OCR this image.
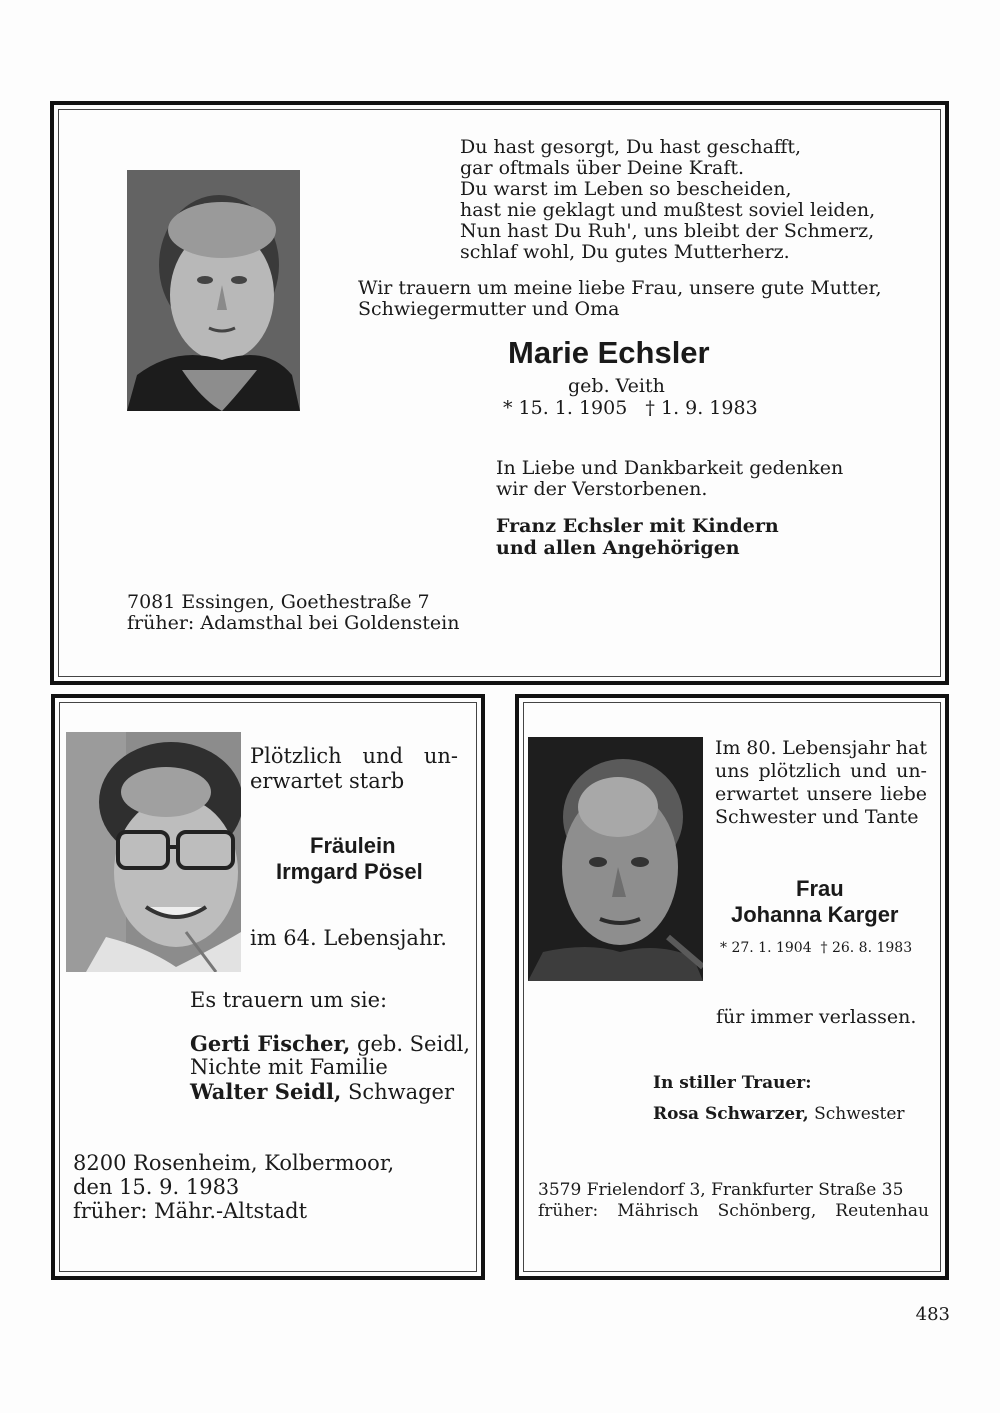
Du hast gesorgt, Du hast geschafft,
gar oftmals über Deine Kraft.
Du warst im Leben so bescheiden,
hast nie geklagt und mußtest soviel leiden,
Nun hast Du Ruh', uns bleibt der Schmerz,
schlaf wohl, Du gutes Mutterherz.
Wir trauern um meine liebe Frau, unsere gute Mutter,
Schwiegermutter und Oma
Marie Echsler
geb. Veith
* 15. 1. 1905   † 1. 9. 1983
In Liebe und Dankbarkeit gedenken
wir der Verstorbenen.
Franz Echsler mit Kindern
und allen Angehörigen
7081 Essingen, Goethestraße 7
früher: Adamsthal bei Goldenstein
Plötzlich und un-
erwartet starb
Fräulein
Irmgard Pösel
im 64. Lebensjahr.
Es trauern um sie:
Gerti Fischer, geb. Seidl,
Nichte mit Familie
Walter Seidl, Schwager
8200 Rosenheim, Kolbermoor,
den 15. 9. 1983
früher: Mähr.-Altstadt
Im 80. Lebensjahr hat
uns plötzlich und un-
erwartet unsere liebe
Schwester und Tante
Frau
Johanna Karger
* 27. 1. 1904  † 26. 8. 1983
für immer verlassen.
In stiller Trauer:
Rosa Schwarzer, Schwester
3579 Frielendorf 3, Frankfurter Straße 35
früher: Mährisch Schönberg, Reutenhau
483
